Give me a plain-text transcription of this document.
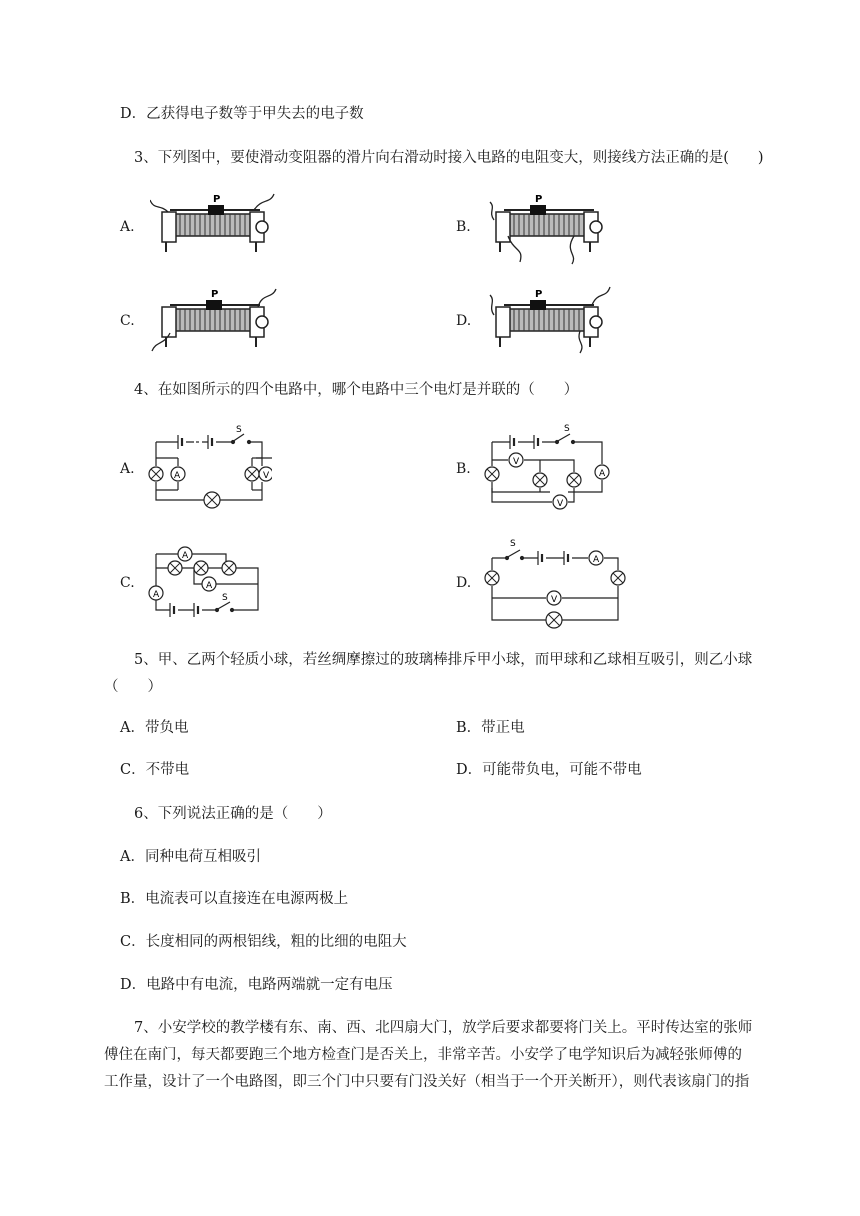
D．乙获得电子数等于甲失去的电子数
3、下列图中，要使滑动变阻器的滑片向右滑动时接入电路的电阻变大，则接线方法正确的是(　　)
A.	B.
C.	D.
P	P
P	P
4、在如图所示的四个电路中，哪个电路中三个电灯是并联的（　　）
A.	B.
C.	D.
A	V
S
V
A
V
S
A
A
A	S
A
V
S
5、甲、乙两个轻质小球，若丝绸摩擦过的玻璃棒排斥甲小球，而甲球和乙球相互吸引，则乙小球
（　　）
A．带负电	B．带正电
C．不带电	D．可能带负电，可能不带电
6、下列说法正确的是（　　）
A．同种电荷互相吸引
B．电流表可以直接连在电源两极上
C．长度相同的两根铝线，粗的比细的电阻大
D．电路中有电流，电路两端就一定有电压
7、小安学校的教学楼有东、南、西、北四扇大门，放学后要求都要将门关上。平时传达室的张师
傅住在南门，每天都要跑三个地方检查门是否关上，非常辛苦。小安学了电学知识后为减轻张师傅的
工作量，设计了一个电路图，即三个门中只要有门没关好（相当于一个开关断开），则代表该扇门的指
